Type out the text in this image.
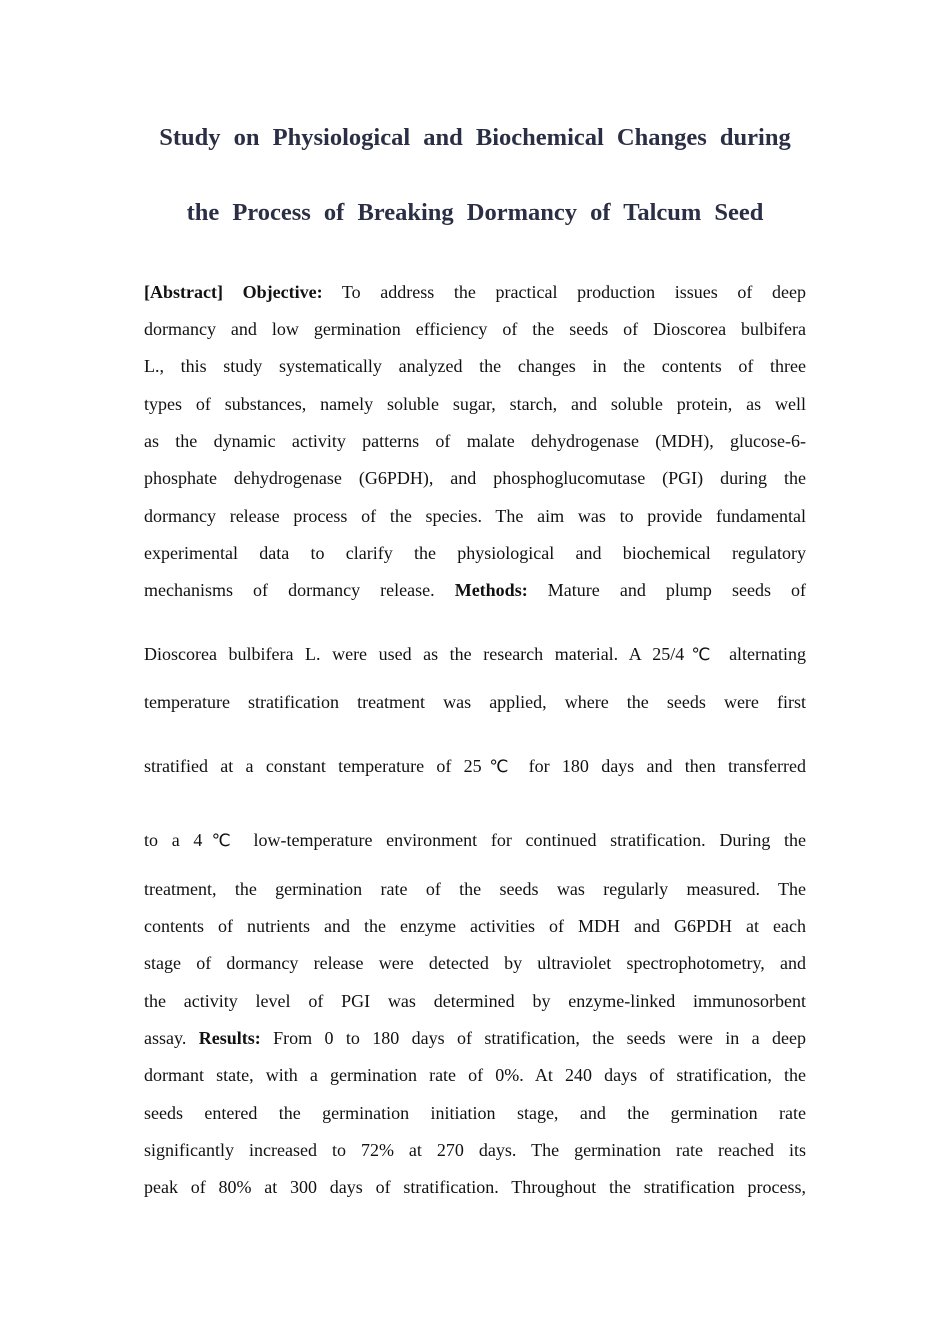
Study on Physiological and Biochemical Changes during
the Process of Breaking Dormancy of Talcum Seed
[Abstract] Objective: To address the practical production issues of deep
dormancy and low germination efficiency of the seeds of Dioscorea bulbifera
L., this study systematically analyzed the changes in the contents of three
types of substances, namely soluble sugar, starch, and soluble protein, as well
as the dynamic activity patterns of malate dehydrogenase (MDH), glucose-6-
phosphate dehydrogenase (G6PDH), and phosphoglucomutase (PGI) during the
dormancy release process of the species. The aim was to provide fundamental
experimental data to clarify the physiological and biochemical regulatory
mechanisms of dormancy release. Methods: Mature and plump seeds of
Dioscorea bulbifera L. were used as the research material. A 25/4℃ alternating
temperature stratification treatment was applied, where the seeds were first
stratified at a constant temperature of 25℃ for 180 days and then transferred
to a 4℃ low-temperature environment for continued stratification. During the
treatment, the germination rate of the seeds was regularly measured. The
contents of nutrients and the enzyme activities of MDH and G6PDH at each
stage of dormancy release were detected by ultraviolet spectrophotometry, and
the activity level of PGI was determined by enzyme-linked immunosorbent
assay. Results: From 0 to 180 days of stratification, the seeds were in a deep
dormant state, with a germination rate of 0%. At 240 days of stratification, the
seeds entered the germination initiation stage, and the germination rate
significantly increased to 72% at 270 days. The germination rate reached its
peak of 80% at 300 days of stratification. Throughout the stratification process,
